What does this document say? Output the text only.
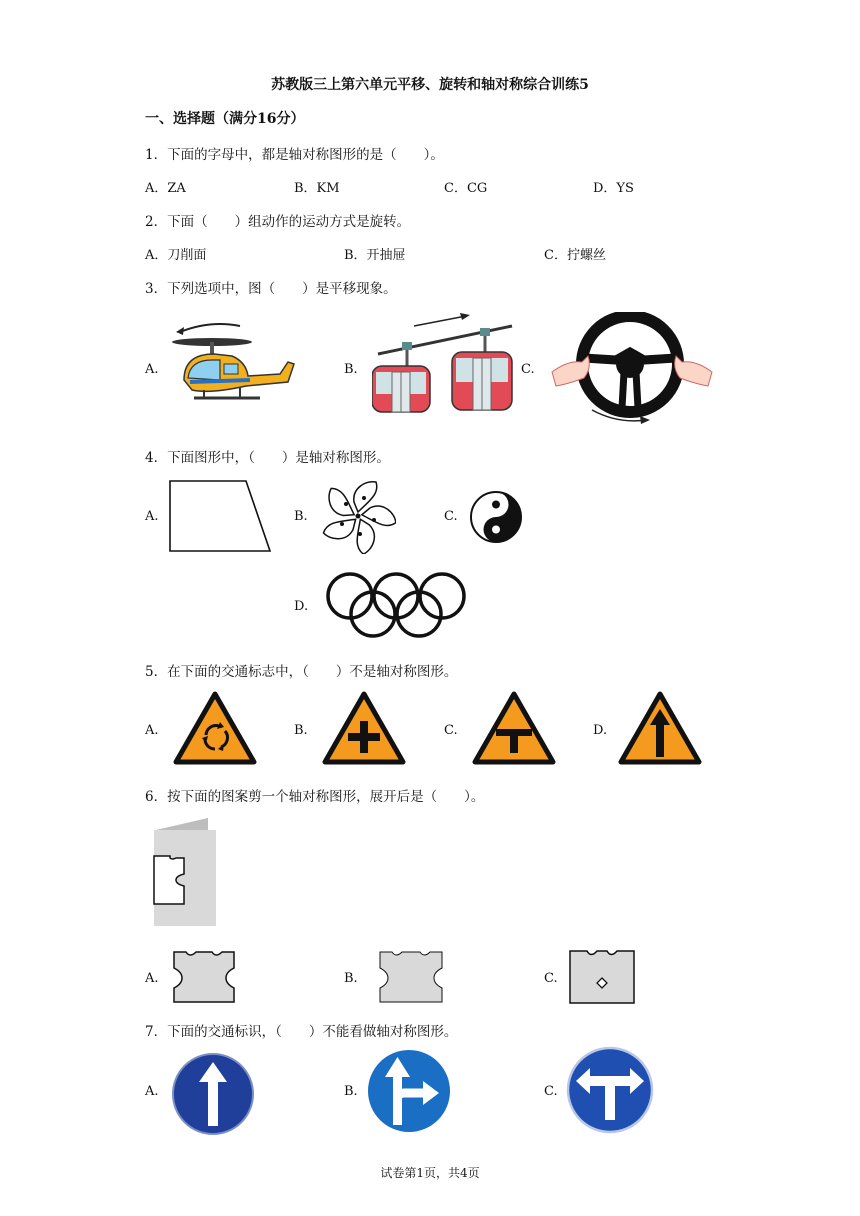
苏教版三上第六单元平移、旋转和轴对称综合训练5
一、选择题（满分16分）
1．下面的字母中，都是轴对称图形的是（　　）。
A．ZA	B．KM	C．CG	D．YS
2．下面（　　）组动作的运动方式是旋转。
A．刀削面	B．开抽屉	C．拧螺丝
3．下列选项中，图（　　）是平移现象。
A.	B.	C.
4．下面图形中，（　　）是轴对称图形。
A.	B.	C.
D.
5．在下面的交通标志中，（　　）不是轴对称图形。
A.	B.	C.	D.
6．按下面的图案剪一个轴对称图形，展开后是（　　）。
A.	B.	C.
7．下面的交通标识，（　　）不能看做轴对称图形。
A.	B.	C.
试卷第1页，共4页
